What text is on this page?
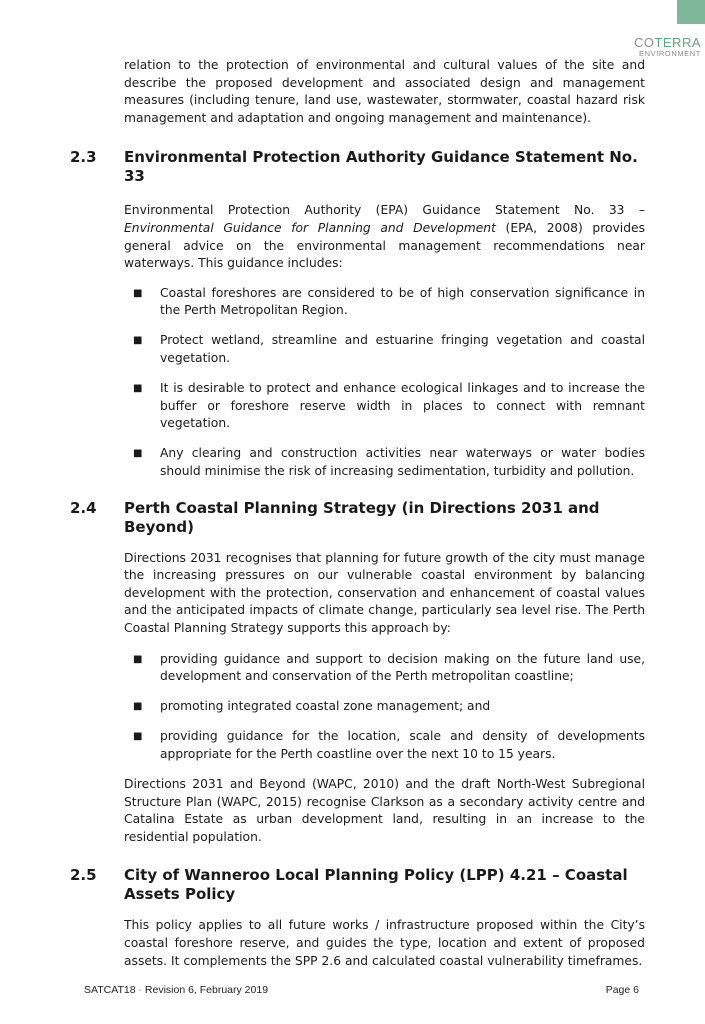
COTERRA
ENVIRONMENT

relation to the protection of environmental and cultural values of the site and describe the proposed development and associated design and management measures (including tenure, land use, wastewater, stormwater, coastal hazard risk management and adaptation and ongoing management and maintenance).

2.3 Environmental Protection Authority Guidance Statement No. 33

Environmental Protection Authority (EPA) Guidance Statement No. 33 – Environmental Guidance for Planning and Development (EPA, 2008) provides general advice on the environmental management recommendations near waterways. This guidance includes:

■ Coastal foreshores are considered to be of high conservation significance in the Perth Metropolitan Region.
■ Protect wetland, streamline and estuarine fringing vegetation and coastal vegetation.
■ It is desirable to protect and enhance ecological linkages and to increase the buffer or foreshore reserve width in places to connect with remnant vegetation.
■ Any clearing and construction activities near waterways or water bodies should minimise the risk of increasing sedimentation, turbidity and pollution.
2.4 Perth Coastal Planning Strategy (in Directions 2031 and Beyond)

Directions 2031 recognises that planning for future growth of the city must manage the increasing pressures on our vulnerable coastal environment by balancing development with the protection, conservation and enhancement of coastal values and the anticipated impacts of climate change, particularly sea level rise. The Perth Coastal Planning Strategy supports this approach by:

■ providing guidance and support to decision making on the future land use, development and conservation of the Perth metropolitan coastline;
■ promoting integrated coastal zone management; and
■ providing guidance for the location, scale and density of developments appropriate for the Perth coastline over the next 10 to 15 years.

Directions 2031 and Beyond (WAPC, 2010) and the draft North-West Subregional Structure Plan (WAPC, 2015) recognise Clarkson as a secondary activity centre and Catalina Estate as urban development land, resulting in an increase to the residential population.

2.5 City of Wanneroo Local Planning Policy (LPP) 4.21 – Coastal Assets Policy

This policy applies to all future works / infrastructure proposed within the City’s coastal foreshore reserve, and guides the type, location and extent of proposed assets. It complements the SPP 2.6 and calculated coastal vulnerability timeframes.

SATCAT18 - Revision 6, February 2019	Page 6
